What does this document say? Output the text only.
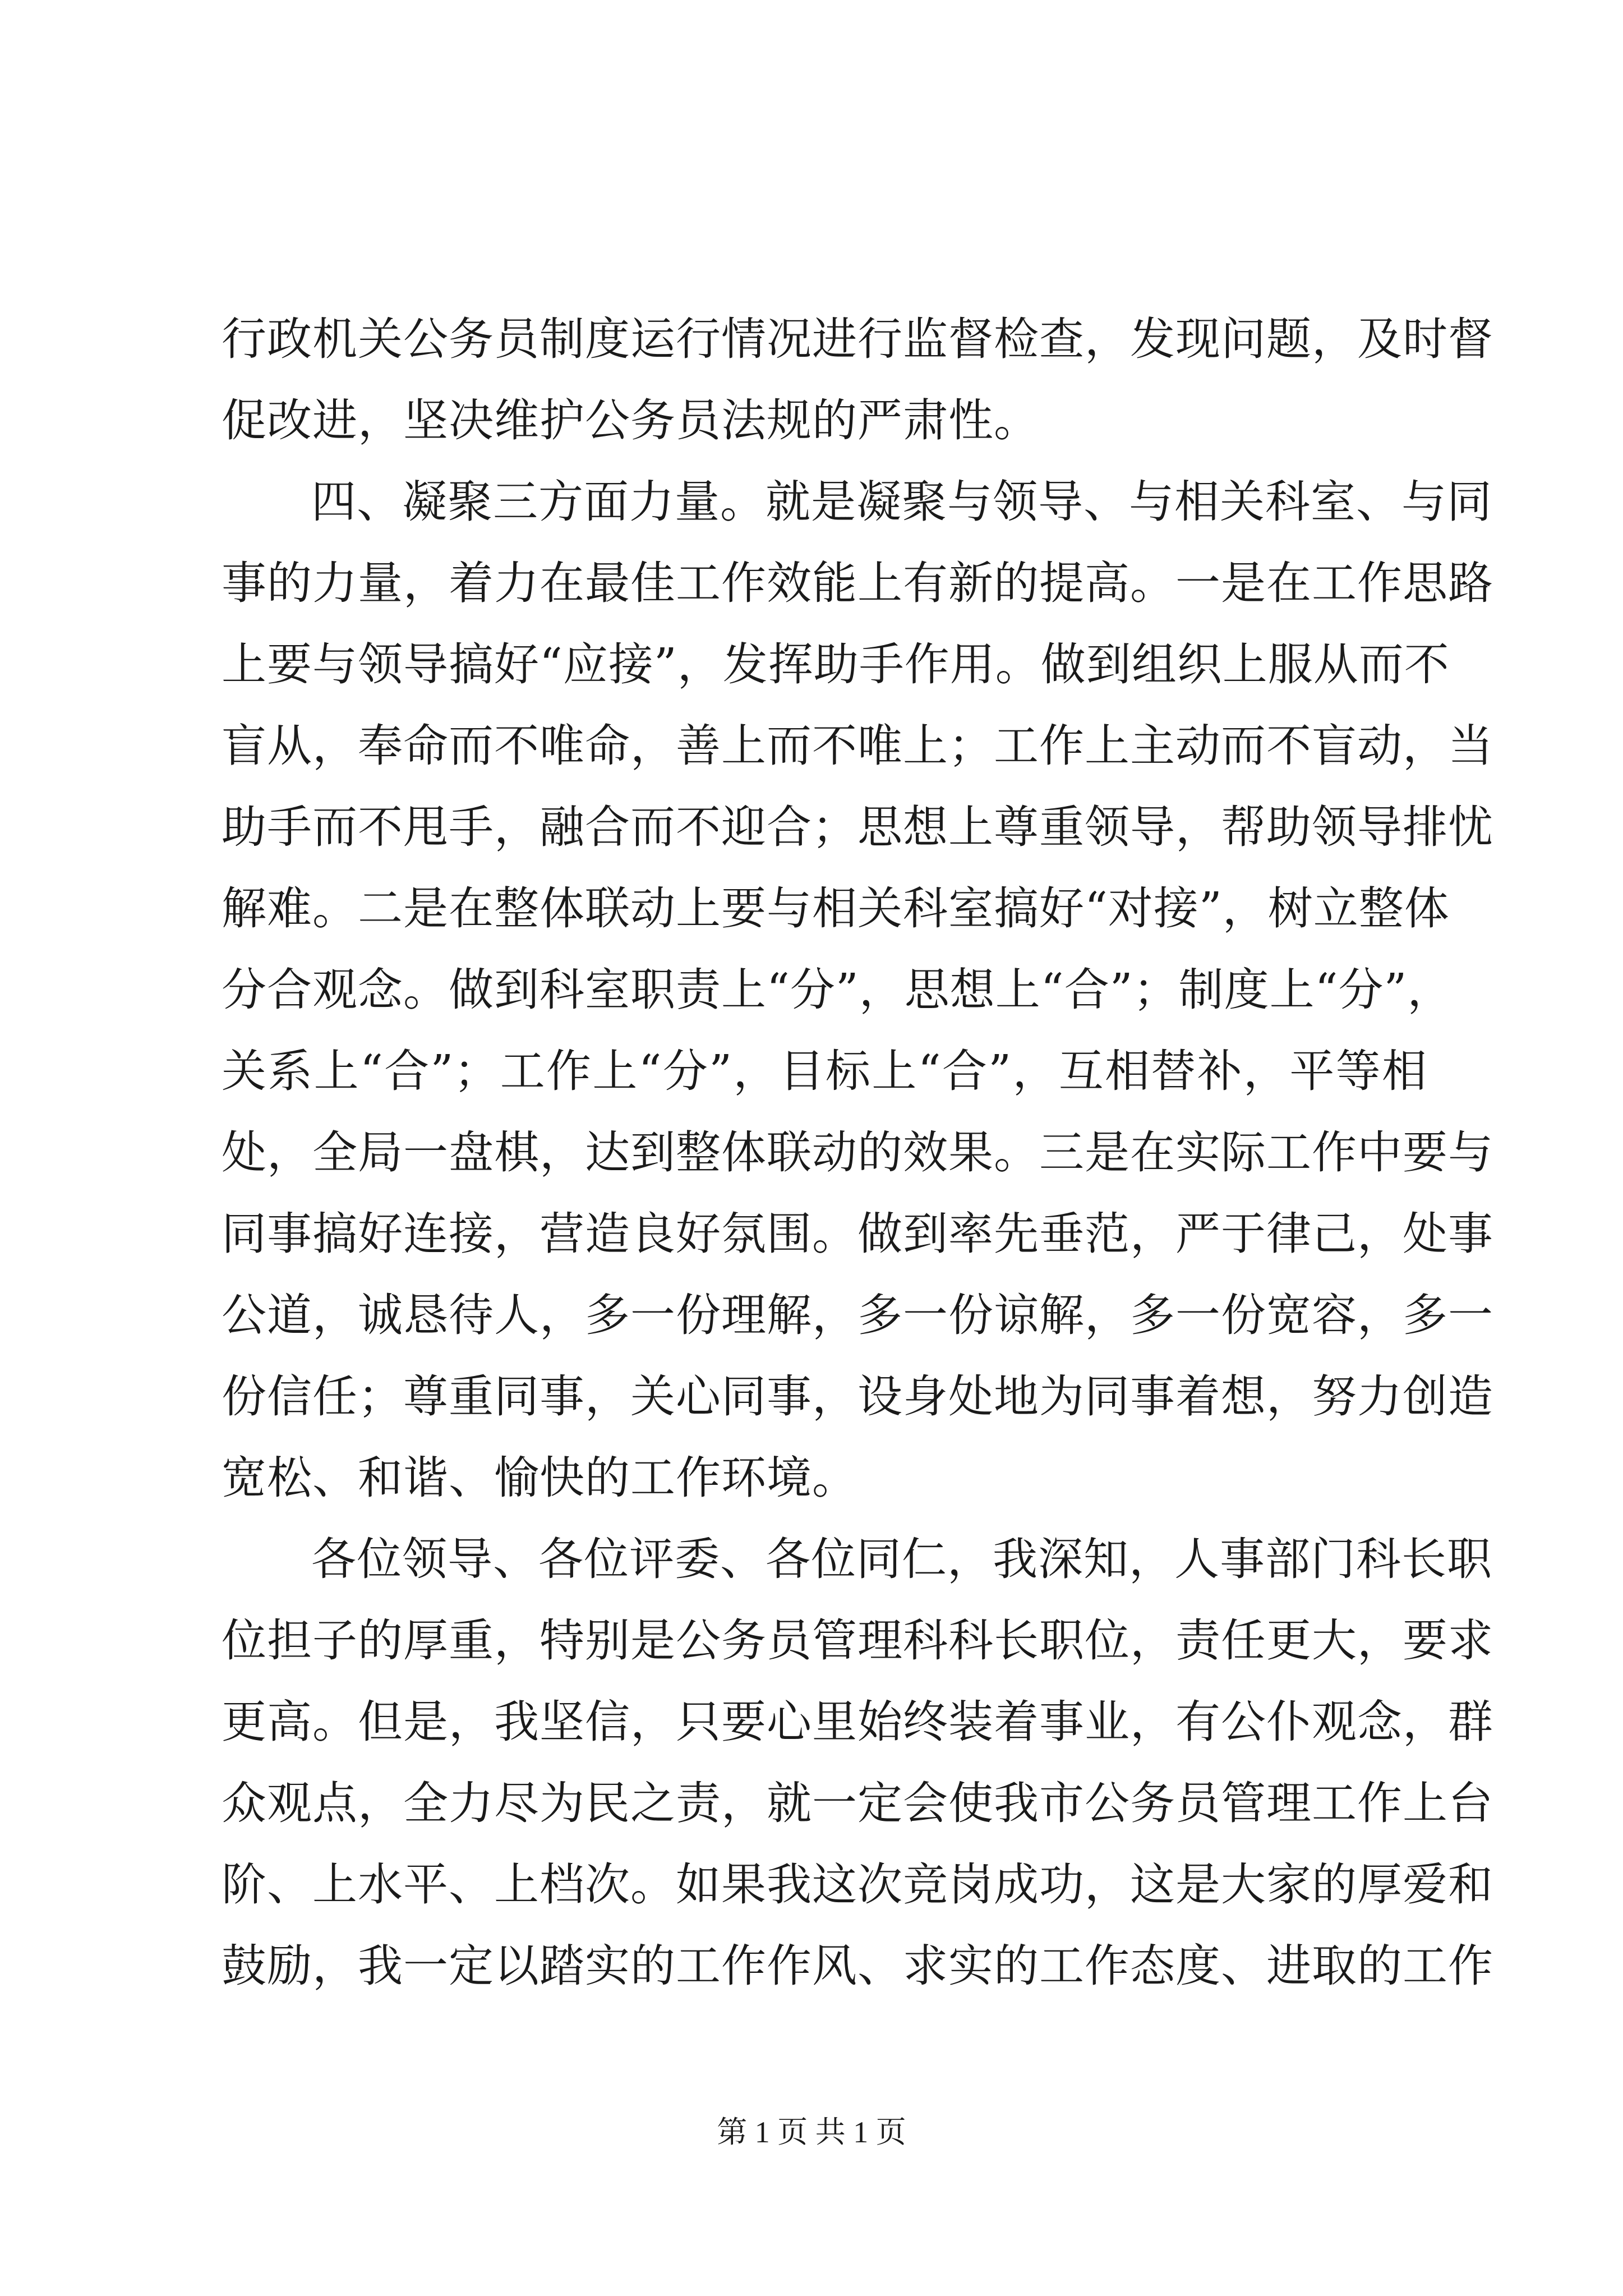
行政机关公务员制度运行情况进行监督检查，发现问题，及时督
促改进，坚决维护公务员法规的严肃性。
四、凝聚三方面力量。就是凝聚与领导、与相关科室、与同
事的力量，着力在最佳工作效能上有新的提高。一是在工作思路
上要与领导搞好“应接”，发挥助手作用。做到组织上服从而不
盲从，奉命而不唯命，善上而不唯上；工作上主动而不盲动，当
助手而不甩手，融合而不迎合；思想上尊重领导，帮助领导排忧
解难。二是在整体联动上要与相关科室搞好“对接”，树立整体
分合观念。做到科室职责上“分”，思想上“合”；制度上“分”，
关系上“合”；工作上“分”，目标上“合”，互相替补，平等相
处，全局一盘棋，达到整体联动的效果。三是在实际工作中要与
同事搞好连接，营造良好氛围。做到率先垂范，严于律己，处事
公道，诚恳待人，多一份理解，多一份谅解，多一份宽容，多一
份信任；尊重同事，关心同事，设身处地为同事着想，努力创造
宽松、和谐、愉快的工作环境。
各位领导、各位评委、各位同仁，我深知，人事部门科长职
位担子的厚重，特别是公务员管理科科长职位，责任更大，要求
更高。但是，我坚信，只要心里始终装着事业，有公仆观念，群
众观点，全力尽为民之责，就一定会使我市公务员管理工作上台
阶、上水平、上档次。如果我这次竞岗成功，这是大家的厚爱和
鼓励，我一定以踏实的工作作风、求实的工作态度、进取的工作
第 1 页 共 1 页
